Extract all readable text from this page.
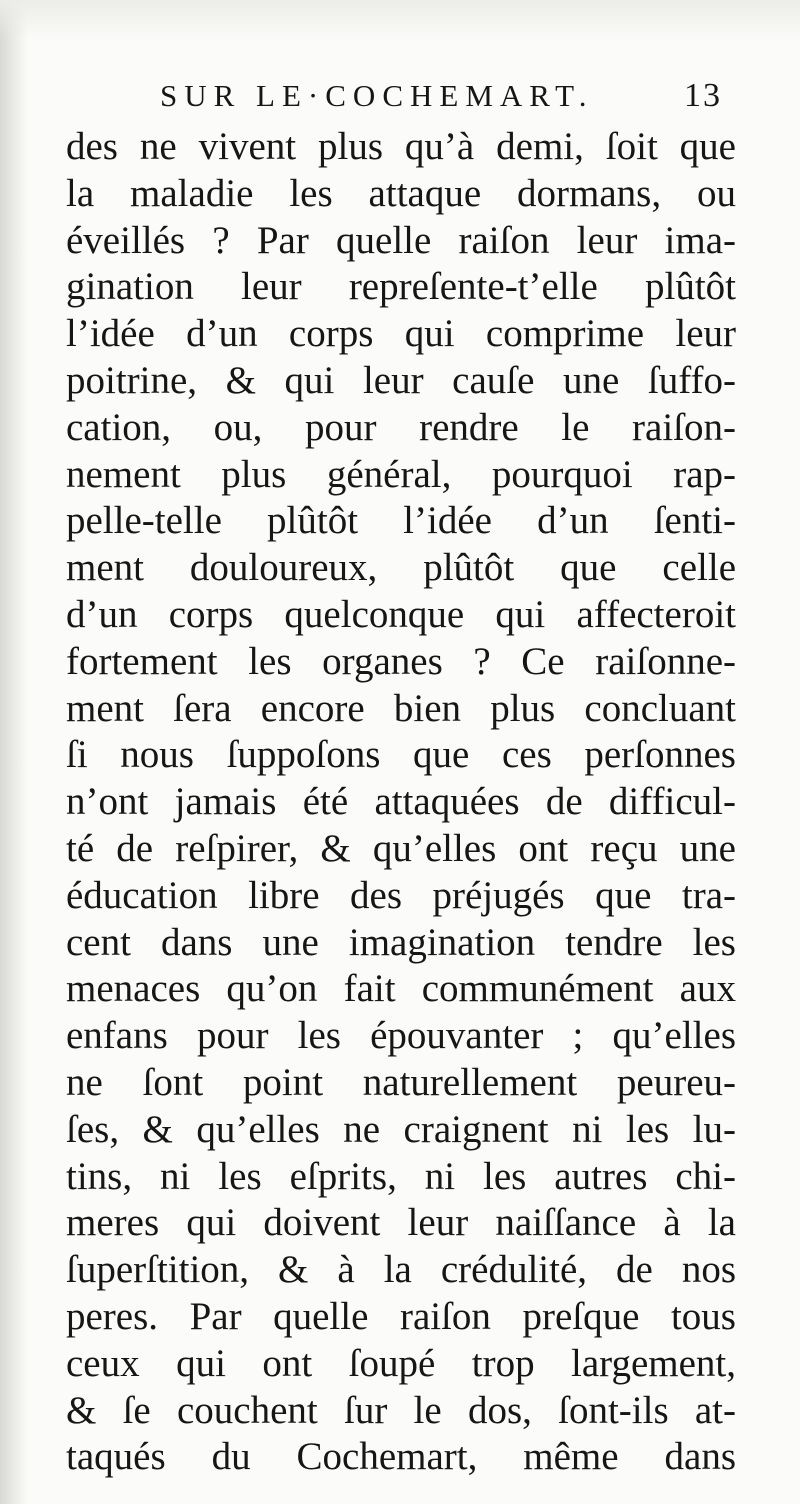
SUR LE·COCHEMART.	13
des ne vivent plus qu’à demi, ſoit que
la maladie les attaque dormans, ou
éveillés ? Par quelle raiſon leur ima-
gination leur repreſente-t’elle plûtôt
l’idée d’un corps qui comprime leur
poitrine, & qui leur cauſe une ſuffo-
cation, ou, pour rendre le raiſon-
nement plus général, pourquoi rap-
pelle-telle plûtôt l’idée d’un ſenti-
ment douloureux, plûtôt que celle
d’un corps quelconque qui affecteroit
fortement les organes ? Ce raiſonne-
ment ſera encore bien plus concluant
ſi nous ſuppoſons que ces perſonnes
n’ont jamais été attaquées de difficul-
té de reſpirer, & qu’elles ont reçu une
éducation libre des préjugés que tra-
cent dans une imagination tendre les
menaces qu’on fait communément aux
enfans pour les épouvanter ; qu’elles
ne ſont point naturellement peureu-
ſes, & qu’elles ne craignent ni les lu-
tins, ni les eſprits, ni les autres chi-
meres qui doivent leur naiſſance à la
ſuperſtition, & à la crédulité, de nos
peres. Par quelle raiſon preſque tous
ceux qui ont ſoupé trop largement,
& ſe couchent ſur le dos, ſont-ils at-
taqués du Cochemart, même dans
